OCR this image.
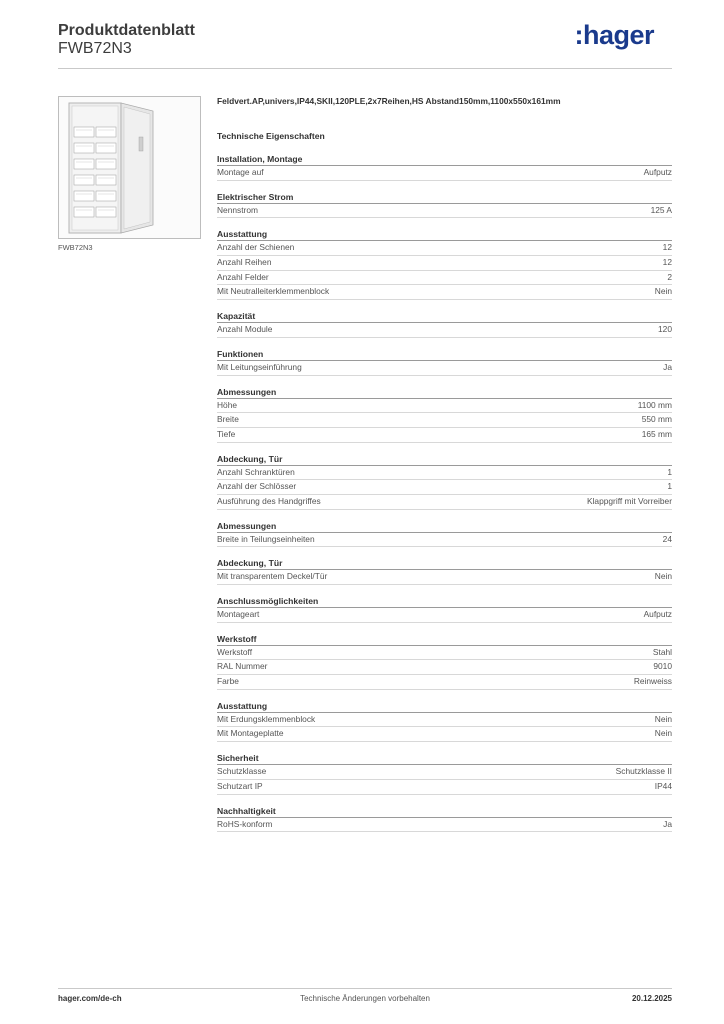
Produktdatenblatt
FWB72N3	:hager
FWB72N3
Feldvert.AP,univers,IP44,SKII,120PLE,2x7Reihen,HS Abstand150mm,1100x550x161mm
Technische Eigenschaften
Installation, Montage
Montage auf	Aufputz
Elektrischer Strom
Nennstrom	125 A
Ausstattung
Anzahl der Schienen	12
Anzahl Reihen	12
Anzahl Felder	2
Mit Neutralleiterklemmenblock	Nein
Kapazität
Anzahl Module	120
Funktionen
Mit Leitungseinführung	Ja
Abmessungen
Höhe	1100 mm
Breite	550 mm
Tiefe	165 mm
Abdeckung, Tür
Anzahl Schranktüren	1
Anzahl der Schlösser	1
Ausführung des Handgriffes	Klappgriff mit Vorreiber
Abmessungen
Breite in Teilungseinheiten	24
Abdeckung, Tür
Mit transparentem Deckel/Tür	Nein
Anschlussmöglichkeiten
Montageart	Aufputz
Werkstoff
Werkstoff	Stahl
RAL Nummer	9010
Farbe	Reinweiss
Ausstattung
Mit Erdungsklemmenblock	Nein
Mit Montageplatte	Nein
Sicherheit
Schutzklasse	Schutzklasse II
Schutzart IP	IP44
Nachhaltigkeit
RoHS-konform	Ja
hager.com/de-ch	Technische Änderungen vorbehalten	20.12.2025
